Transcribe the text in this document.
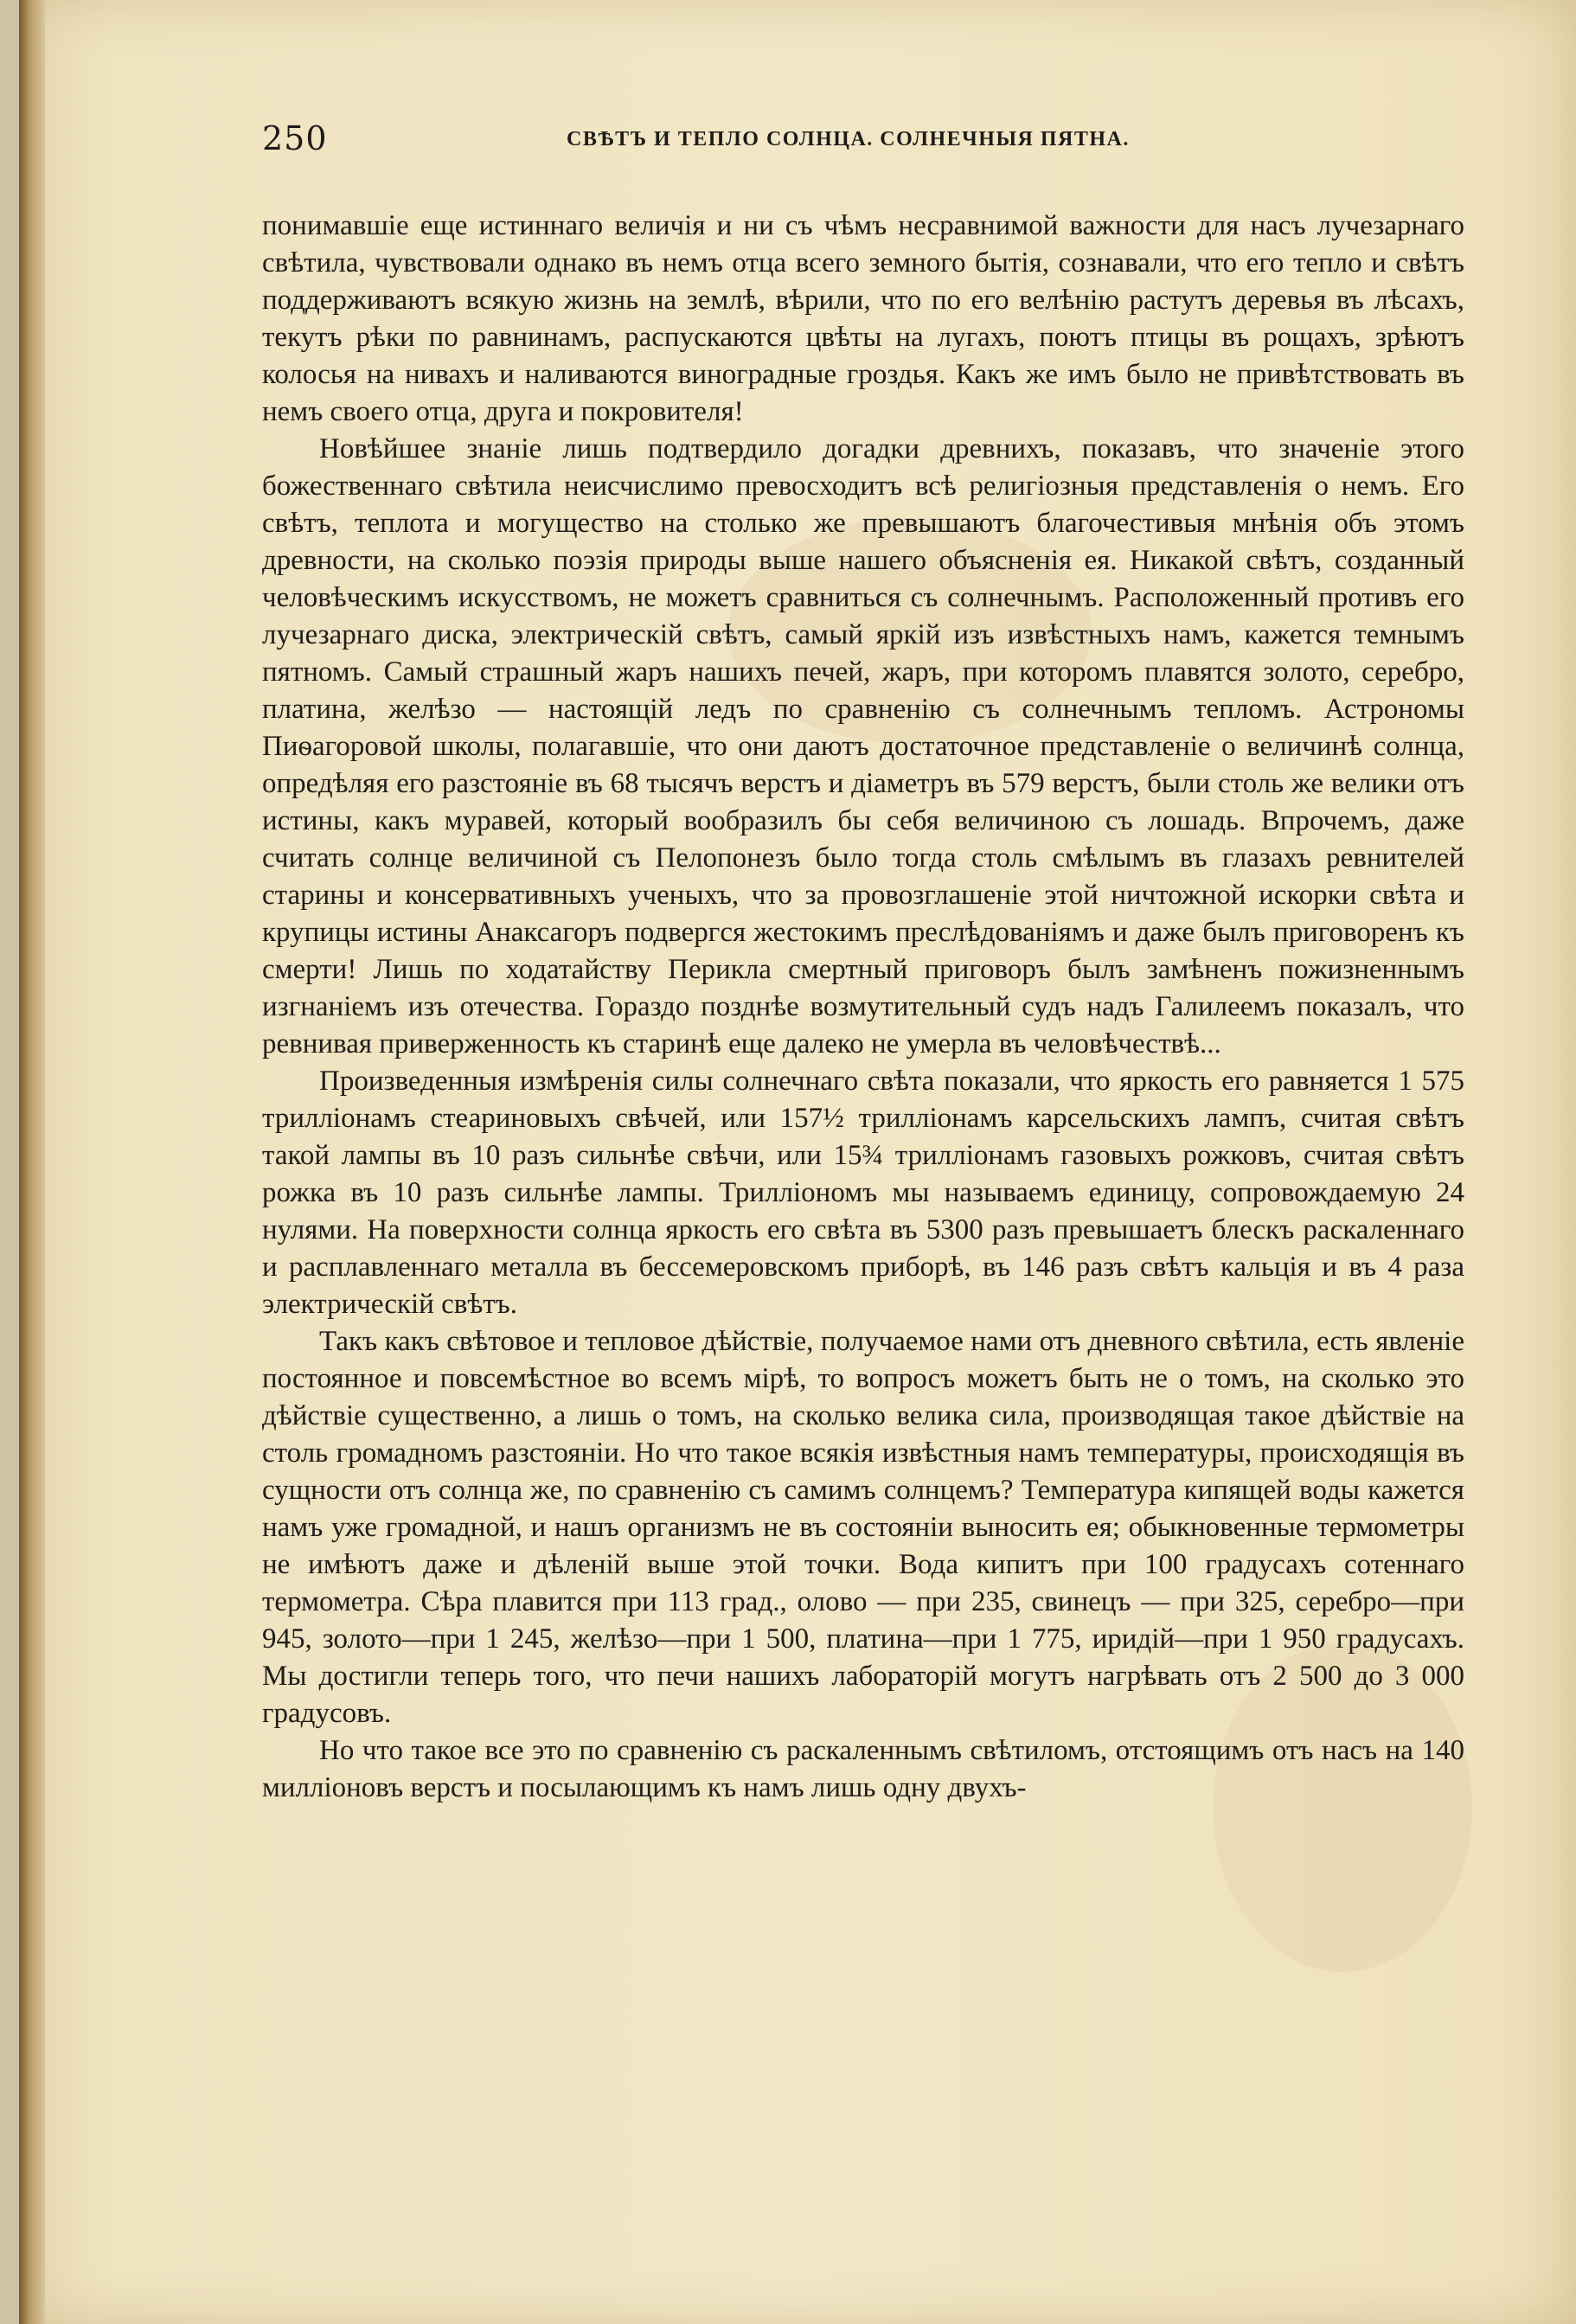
250	СВѢТЪ И ТЕПЛО СОЛНЦА. СОЛНЕЧНЫЯ ПЯТНА.

понимавшіе еще истиннаго величія и ни съ чѣмъ несравнимой важности для насъ лучезарнаго свѣтила, чувствовали однако въ немъ отца всего земного бытія, сознавали, что его тепло и свѣтъ поддерживаютъ всякую жизнь на землѣ, вѣрили, что по его велѣнію растутъ деревья въ лѣсахъ, текутъ рѣки по равнинамъ, распускаются цвѣты на лугахъ, поютъ птицы въ рощахъ, зрѣютъ колосья на нивахъ и наливаются виноградные гроздья. Какъ же имъ было не привѣтствовать въ немъ своего отца, друга и покровителя!

Новѣйшее знаніе лишь подтвердило догадки древнихъ, показавъ, что значеніе этого божественнаго свѣтила неисчислимо превосходитъ всѣ религіозныя представленія о немъ. Его свѣтъ, теплота и могущество на столько же превышаютъ благочестивыя мнѣнія объ этомъ древности, на сколько поэзія природы выше нашего объясненія ея. Никакой свѣтъ, созданный человѣческимъ искусствомъ, не можетъ сравниться съ солнечнымъ. Расположенный противъ его лучезарнаго диска, электрическій свѣтъ, самый яркій изъ извѣстныхъ намъ, кажется темнымъ пятномъ. Самый страшный жаръ нашихъ печей, жаръ, при которомъ плавятся золото, серебро, платина, желѣзо — настоящій ледъ по сравненію съ солнечнымъ тепломъ. Астрономы Пиѳагоровой школы, полагавшіе, что они даютъ достаточное представленіе о величинѣ солнца, опредѣляя его разстояніе въ 68 тысячъ верстъ и діаметръ въ 579 верстъ, были столь же велики отъ истины, какъ муравей, который вообразилъ бы себя величиною съ лошадь. Впрочемъ, даже считать солнце величиной съ Пелопонезъ было тогда столь смѣлымъ въ глазахъ ревнителей старины и консервативныхъ ученыхъ, что за провозглашеніе этой ничтожной искорки свѣта и крупицы истины Анаксагоръ подвергся жестокимъ преслѣдованіямъ и даже былъ приговоренъ къ смерти! Лишь по ходатайству Перикла смертный приговоръ былъ замѣненъ пожизненнымъ изгнаніемъ изъ отечества. Гораздо позднѣе возмутительный судъ надъ Галилеемъ показалъ, что ревнивая приверженность къ старинѣ еще далеко не умерла въ человѣчествѣ...

Произведенныя измѣренія силы солнечнаго свѣта показали, что яркость его равняется 1 575 трилліонамъ стеариновыхъ свѣчей, или 157½ трилліонамъ карсельскихъ лампъ, считая свѣтъ такой лампы въ 10 разъ сильнѣе свѣчи, или 15¾ трилліонамъ газовыхъ рожковъ, считая свѣтъ рожка въ 10 разъ сильнѣе лампы. Трилліономъ мы называемъ единицу, сопровождаемую 24 нулями. На поверхности солнца яркость его свѣта въ 5300 разъ превышаетъ блескъ раскаленнаго и расплавленнаго металла въ бессемеровскомъ приборѣ, въ 146 разъ свѣтъ кальція и въ 4 раза электрическій свѣтъ.

Такъ какъ свѣтовое и тепловое дѣйствіе, получаемое нами отъ дневного свѣтила, есть явленіе постоянное и повсемѣстное во всемъ мірѣ, то вопросъ можетъ быть не о томъ, на сколько это дѣйствіе существенно, а лишь о томъ, на сколько велика сила, производящая такое дѣйствіе на столь громадномъ разстояніи. Но что такое всякія извѣстныя намъ температуры, происходящія въ сущности отъ солнца же, по сравненію съ самимъ солнцемъ? Температура кипящей воды кажется намъ уже громадной, и нашъ организмъ не въ состояніи выносить ея; обыкновенные термометры не имѣютъ даже и дѣленій выше этой точки. Вода кипитъ при 100 градусахъ сотеннаго термометра. Сѣра плавится при 113 град., олово — при 235, свинецъ — при 325, серебро—при 945, золото—при 1 245, желѣзо—при 1 500, платина—при 1 775, иридій—при 1 950 градусахъ. Мы достигли теперь того, что печи нашихъ лабораторій могутъ нагрѣвать отъ 2 500 до 3 000 градусовъ.

Но что такое все это по сравненію съ раскаленнымъ свѣтиломъ, отстоящимъ отъ насъ на 140 милліоновъ верстъ и посылающимъ къ намъ лишь одну двухъ-
